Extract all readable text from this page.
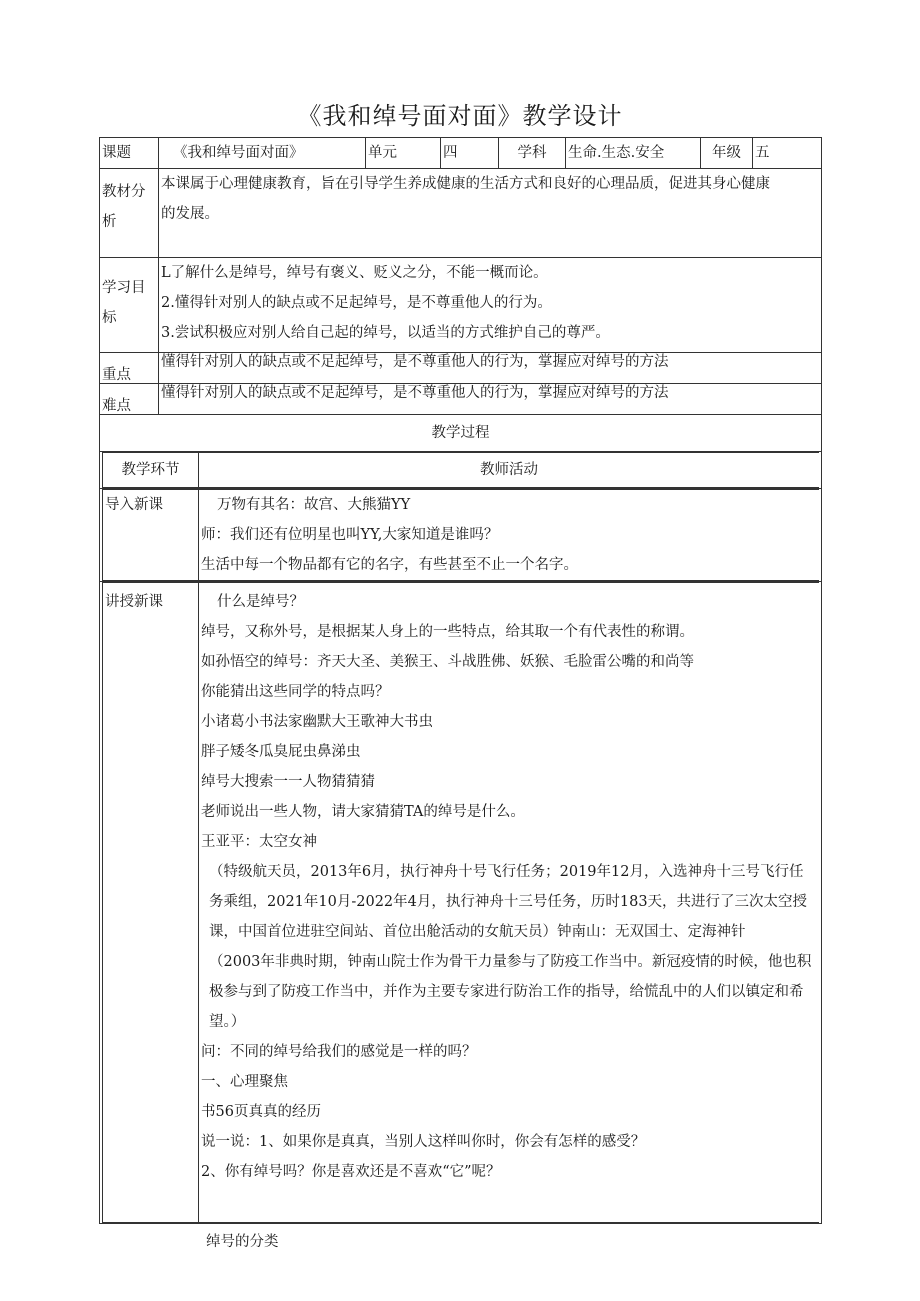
《我和绰号面对面》教学设计
课题	《我和绰号面对面》	单元	四	学科	生命.生态.安全	年级	五

教材分
析

本课属于心理健康教育，旨在引导学生养成健康的生活方式和良好的心理品质，促进其身心健康
的发展。

学习目
标

L了解什么是绰号，绰号有褒义、贬义之分，不能一概而论。
2.懂得针对别人的缺点或不足起绰号，是不尊重他人的行为。
3.尝试积极应对别人给自己起的绰号，以适当的方式维护自己的尊严。

重点	懂得针对别人的缺点或不足起绰号，是不尊重他人的行为，掌握应对绰号的方法
难点	懂得针对别人的缺点或不足起绰号，是不尊重他人的行为，掌握应对绰号的方法
教学过程

教学环节	教师活动

导入新课	万物有其名：故宫、大熊猫YY
师：我们还有位明星也叫YY,大家知道是谁吗？
生活中每一个物品都有它的名字，有些甚至不止一个名字。

讲授新课	什么是绰号？
绰号，又称外号，是根据某人身上的一些特点，给其取一个有代表性的称谓。
如孙悟空的绰号：齐天大圣、美猴王、斗战胜佛、妖猴、毛脸雷公嘴的和尚等
你能猜出这些同学的特点吗？
小诸葛小书法家幽默大王歌神大书虫
胖子矮冬瓜臭屁虫鼻涕虫
绰号大搜索一一人物猜猜猜
老师说出一些人物，请大家猜猜TA的绰号是什么。
王亚平：太空女神
（特级航天员，2013年6月，执行神舟十号飞行任务；2019年12月，入选神舟十三号飞行任务乘组，2021年10月-2022年4月，执行神舟十三号任务，历时183天，共进行了三次太空授课，中国首位进驻空间站、首位出舱活动的女航天员）钟南山：无双国士、定海神针
（2003年非典时期，钟南山院士作为骨干力量参与了防疫工作当中。新冠疫情的时候，他也积极参与到了防疫工作当中，并作为主要专家进行防治工作的指导，给慌乱中的人们以镇定和希望。）
问：不同的绰号给我们的感觉是一样的吗？
一、心理聚焦
书56页真真的经历
说一说：1、如果你是真真，当别人这样叫你时，你会有怎样的感受？
2、你有绰号吗？你是喜欢还是不喜欢“它”呢？
绰号的分类
